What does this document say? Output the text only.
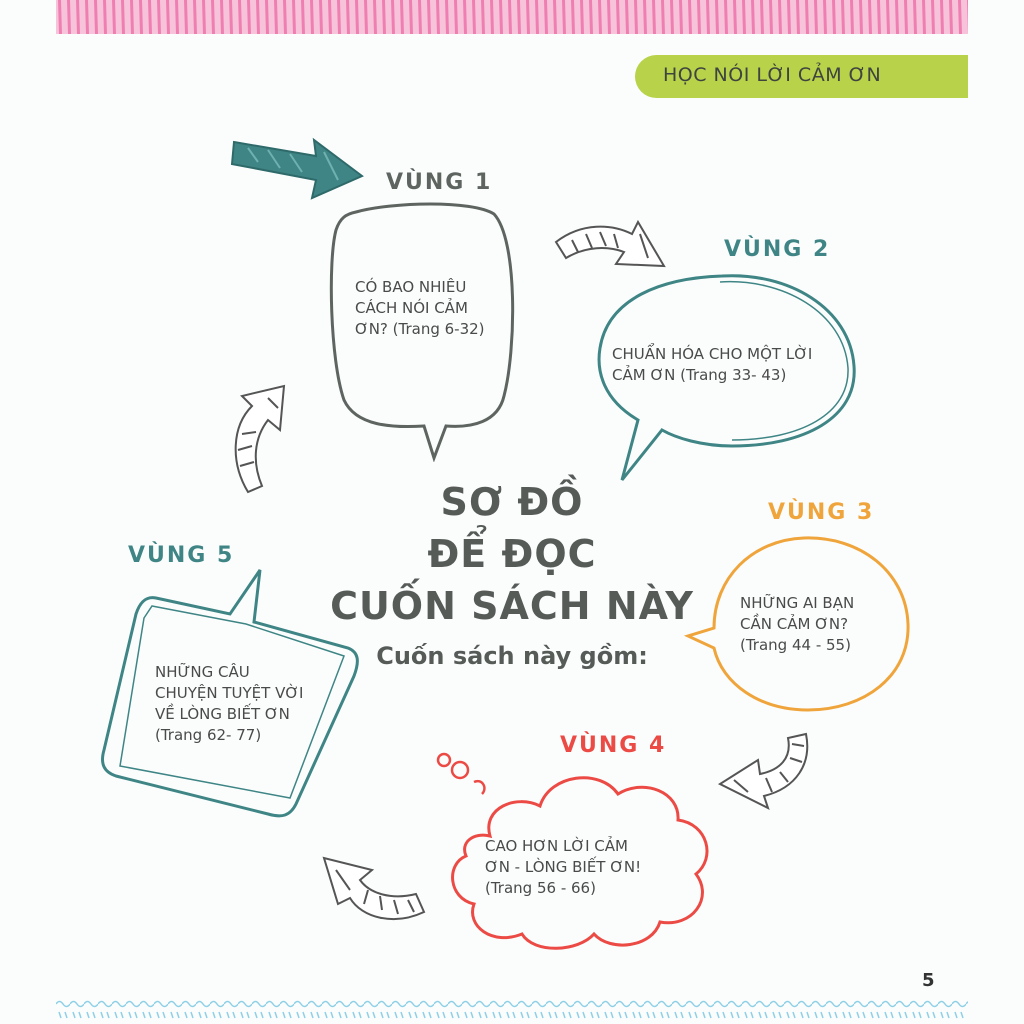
HỌC NÓI LỜI CẢM ƠN
VÙNG 1
CÓ BAO NHIÊU
CÁCH NÓI CẢM
ƠN? (Trang 6-32)
VÙNG 2
CHUẨN HÓA CHO MỘT LỜI
CẢM ƠN (Trang 33- 43)
SƠ ĐỒ
ĐỂ ĐỌC
CUỐN SÁCH NÀY
Cuốn sách này gồm:
VÙNG 3
NHỮNG AI BẠN
CẦN CẢM ƠN?
(Trang 44 - 55)
VÙNG 5
NHỮNG CÂU
CHUYỆN TUYỆT VỜI
VỀ LÒNG BIẾT ƠN
(Trang 62- 77)	VÙNG 4
CAO HƠN LỜI CẢM
ƠN - LÒNG BIẾT ƠN!
(Trang 56 - 66)
5
